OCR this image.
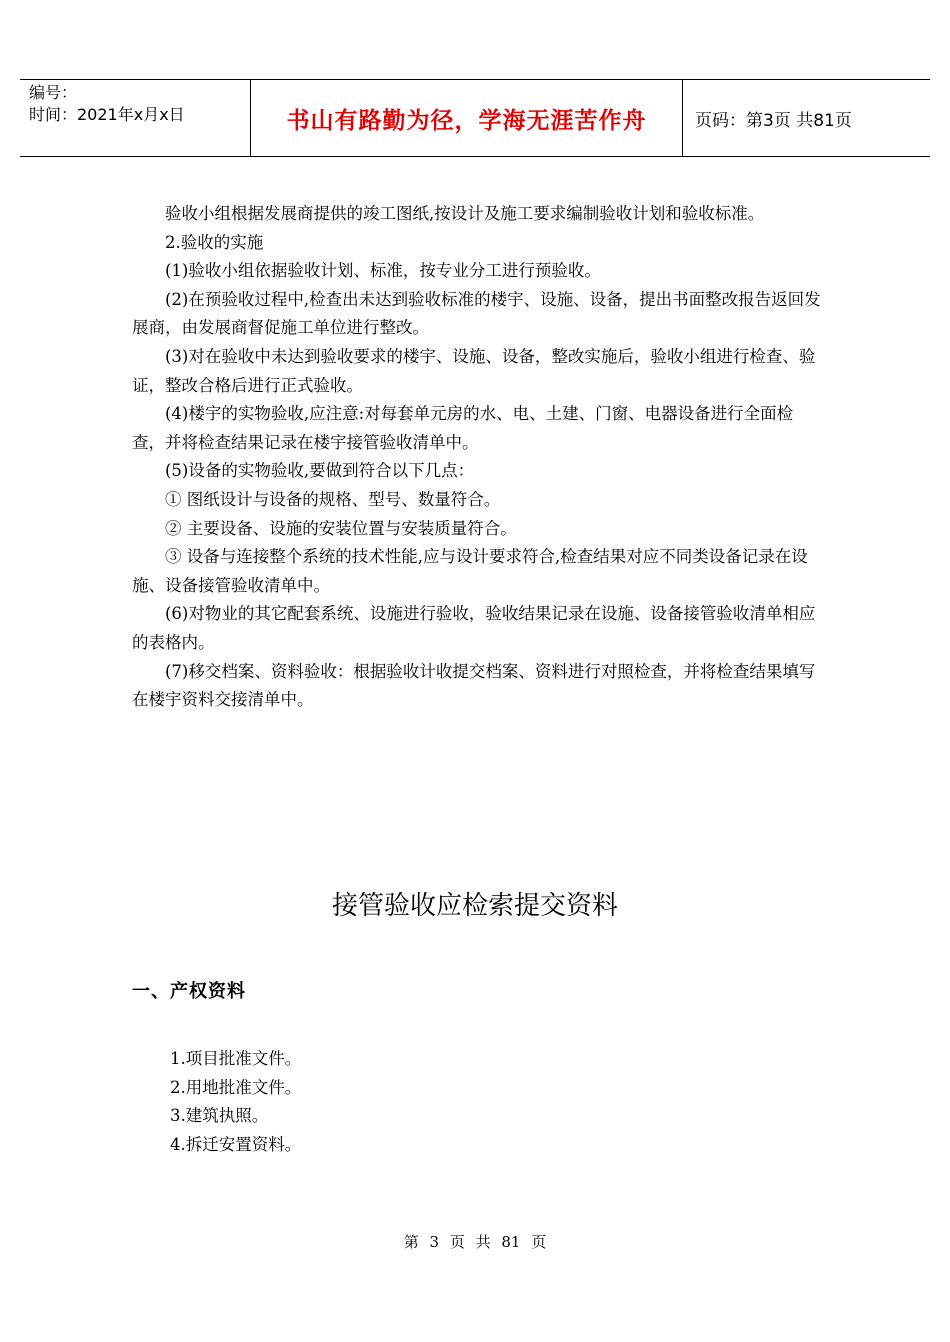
编号：
时间：2021年x月x日	书山有路勤为径，学海无涯苦作舟	页码：第3页 共81页

验收小组根据发展商提供的竣工图纸,按设计及施工要求编制验收计划和验收标准。

2.验收的实施

(1)验收小组依据验收计划、标准，按专业分工进行预验收。

(2)在预验收过程中,检查出未达到验收标准的楼宇、设施、设备，提出书面整改报告返回发展商，由发展商督促施工单位进行整改。

(3)对在验收中未达到验收要求的楼宇、设施、设备，整改实施后，验收小组进行检查、验证，整改合格后进行正式验收。

(4)楼宇的实物验收,应注意:对每套单元房的水、电、土建、门窗、电器设备进行全面检查，并将检查结果记录在楼宇接管验收清单中。

(5)设备的实物验收,要做到符合以下几点：

① 图纸设计与设备的规格、型号、数量符合。

② 主要设备、设施的安装位置与安装质量符合。

③ 设备与连接整个系统的技术性能,应与设计要求符合,检查结果对应不同类设备记录在设施、设备接管验收清单中。

(6)对物业的其它配套系统、设施进行验收，验收结果记录在设施、设备接管验收清单相应的表格内。

(7)移交档案、资料验收：根据验收计收提交档案、资料进行对照检查，并将检查结果填写在楼宇资料交接清单中。

接管验收应检索提交资料
一、产权资料
1.项目批准文件。
2.用地批准文件。
3.建筑执照。
4.拆迁安置资料。
第 3 页 共 81 页
